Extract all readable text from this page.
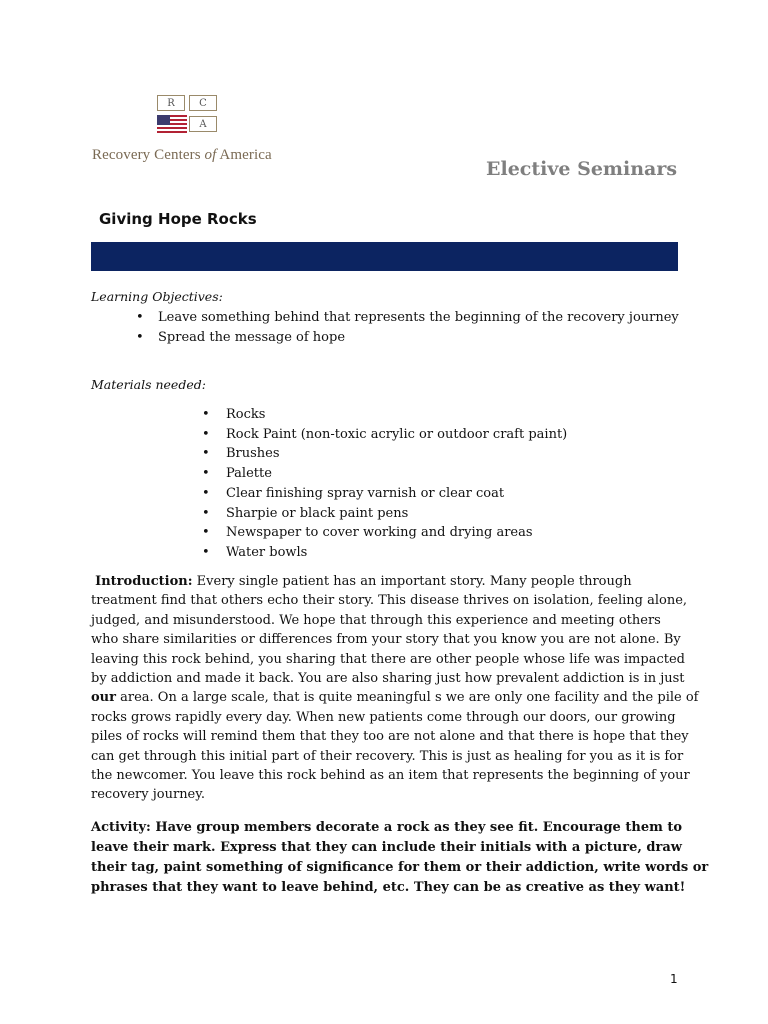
R	C
A
Recovery Centers of America
Elective Seminars
Giving Hope Rocks
Learning Objectives:
• Leave something behind that represents the beginning of the recovery journey
• Spread the message of hope
Materials needed:
• Rocks
• Rock Paint (non-toxic acrylic or outdoor craft paint)
• Brushes
• Palette
• Clear finishing spray varnish or clear coat
• Sharpie or black paint pens
• Newspaper to cover working and drying areas
• Water bowls
Introduction: Every single patient has an important story. Many people through
treatment find that others echo their story. This disease thrives on isolation, feeling alone,
judged, and misunderstood. We hope that through this experience and meeting others
who share similarities or differences from your story that you know you are not alone. By
leaving this rock behind, you sharing that there are other people whose life was impacted
by addiction and made it back. You are also sharing just how prevalent addiction is in just
our area. On a large scale, that is quite meaningful s we are only one facility and the pile of
rocks grows rapidly every day. When new patients come through our doors, our growing
piles of rocks will remind them that they too are not alone and that there is hope that they
can get through this initial part of their recovery. This is just as healing for you as it is for
the newcomer. You leave this rock behind as an item that represents the beginning of your
recovery journey.
Activity: Have group members decorate a rock as they see fit. Encourage them to
leave their mark. Express that they can include their initials with a picture, draw
their tag, paint something of significance for them or their addiction, write words or
phrases that they want to leave behind, etc. They can be as creative as they want!
1
